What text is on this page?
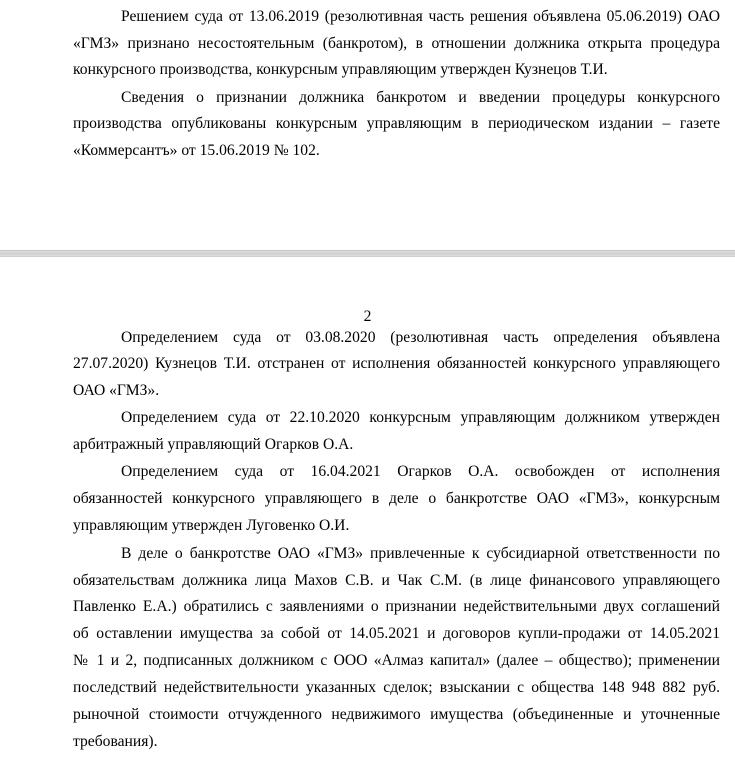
Решением суда от 13.06.2019 (резолютивная часть решения объявлена 05.06.2019) ОАО
«ГМЗ» признано несостоятельным (банкротом), в отношении должника открыта процедура
конкурсного производства, конкурсным управляющим утвержден Кузнецов Т.И.
Сведения о признании должника банкротом и введении процедуры конкурсного
производства опубликованы конкурсным управляющим в периодическом издании – газете
«Коммерсантъ» от 15.06.2019 № 102.
2
Определением суда от 03.08.2020 (резолютивная часть определения объявлена
27.07.2020) Кузнецов Т.И. отстранен от исполнения обязанностей конкурсного управляющего
ОАО «ГМЗ».
Определением суда от 22.10.2020 конкурсным управляющим должником утвержден
арбитражный управляющий Огарков О.А.
Определением суда от 16.04.2021 Огарков О.А. освобожден от исполнения
обязанностей конкурсного управляющего в деле о банкротстве ОАО «ГМЗ», конкурсным
управляющим утвержден Луговенко О.И.
В деле о банкротстве ОАО «ГМЗ» привлеченные к субсидиарной ответственности по
обязательствам должника лица Махов С.В. и Чак С.М. (в лице финансового управляющего
Павленко Е.А.) обратились с заявлениями о признании недействительными двух соглашений
об оставлении имущества за собой от 14.05.2021 и договоров купли-продажи от 14.05.2021
№ 1 и 2, подписанных должником с ООО «Алмаз капитал» (далее – общество); применении
последствий недействительности указанных сделок; взыскании с общества 148 948 882 руб.
рыночной стоимости отчужденного недвижимого имущества (объединенные и уточненные
требования).
